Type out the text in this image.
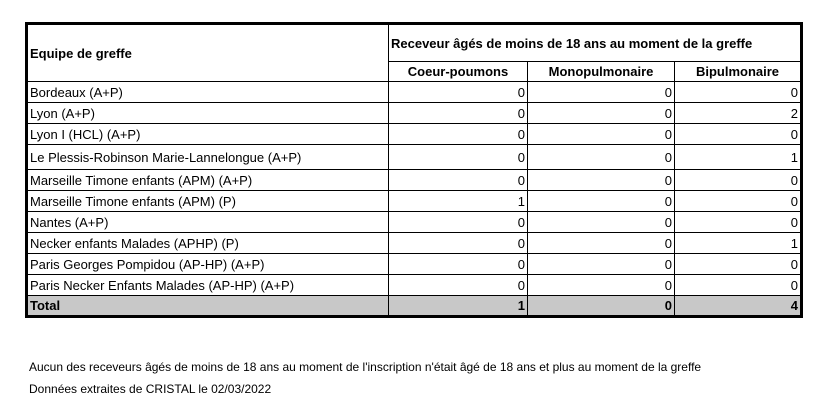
Equipe de greffe	Receveur âgés de moins de 18 ans au moment de la greffe		
	Coeur-poumons	Monopulmonaire	Bipulmonaire
Bordeaux (A+P)	0	0	0
Lyon (A+P)	0	0	2
Lyon I (HCL) (A+P)	0	0	0
Le Plessis-Robinson Marie-Lannelongue (A+P)	0	0	1
Marseille Timone enfants (APM) (A+P)	0	0	0
Marseille Timone enfants (APM) (P)	1	0	0
Nantes (A+P)	0	0	0
Necker enfants Malades (APHP) (P)	0	0	1
Paris Georges Pompidou (AP-HP) (A+P)	0	0	0
Paris Necker Enfants Malades (AP-HP) (A+P)	0	0	0
Total	1	0	4
Aucun des receveurs âgés de moins de 18 ans au moment de l'inscription n'était âgé de 18 ans et plus au moment de la greffe
Données extraites de CRISTAL le 02/03/2022
